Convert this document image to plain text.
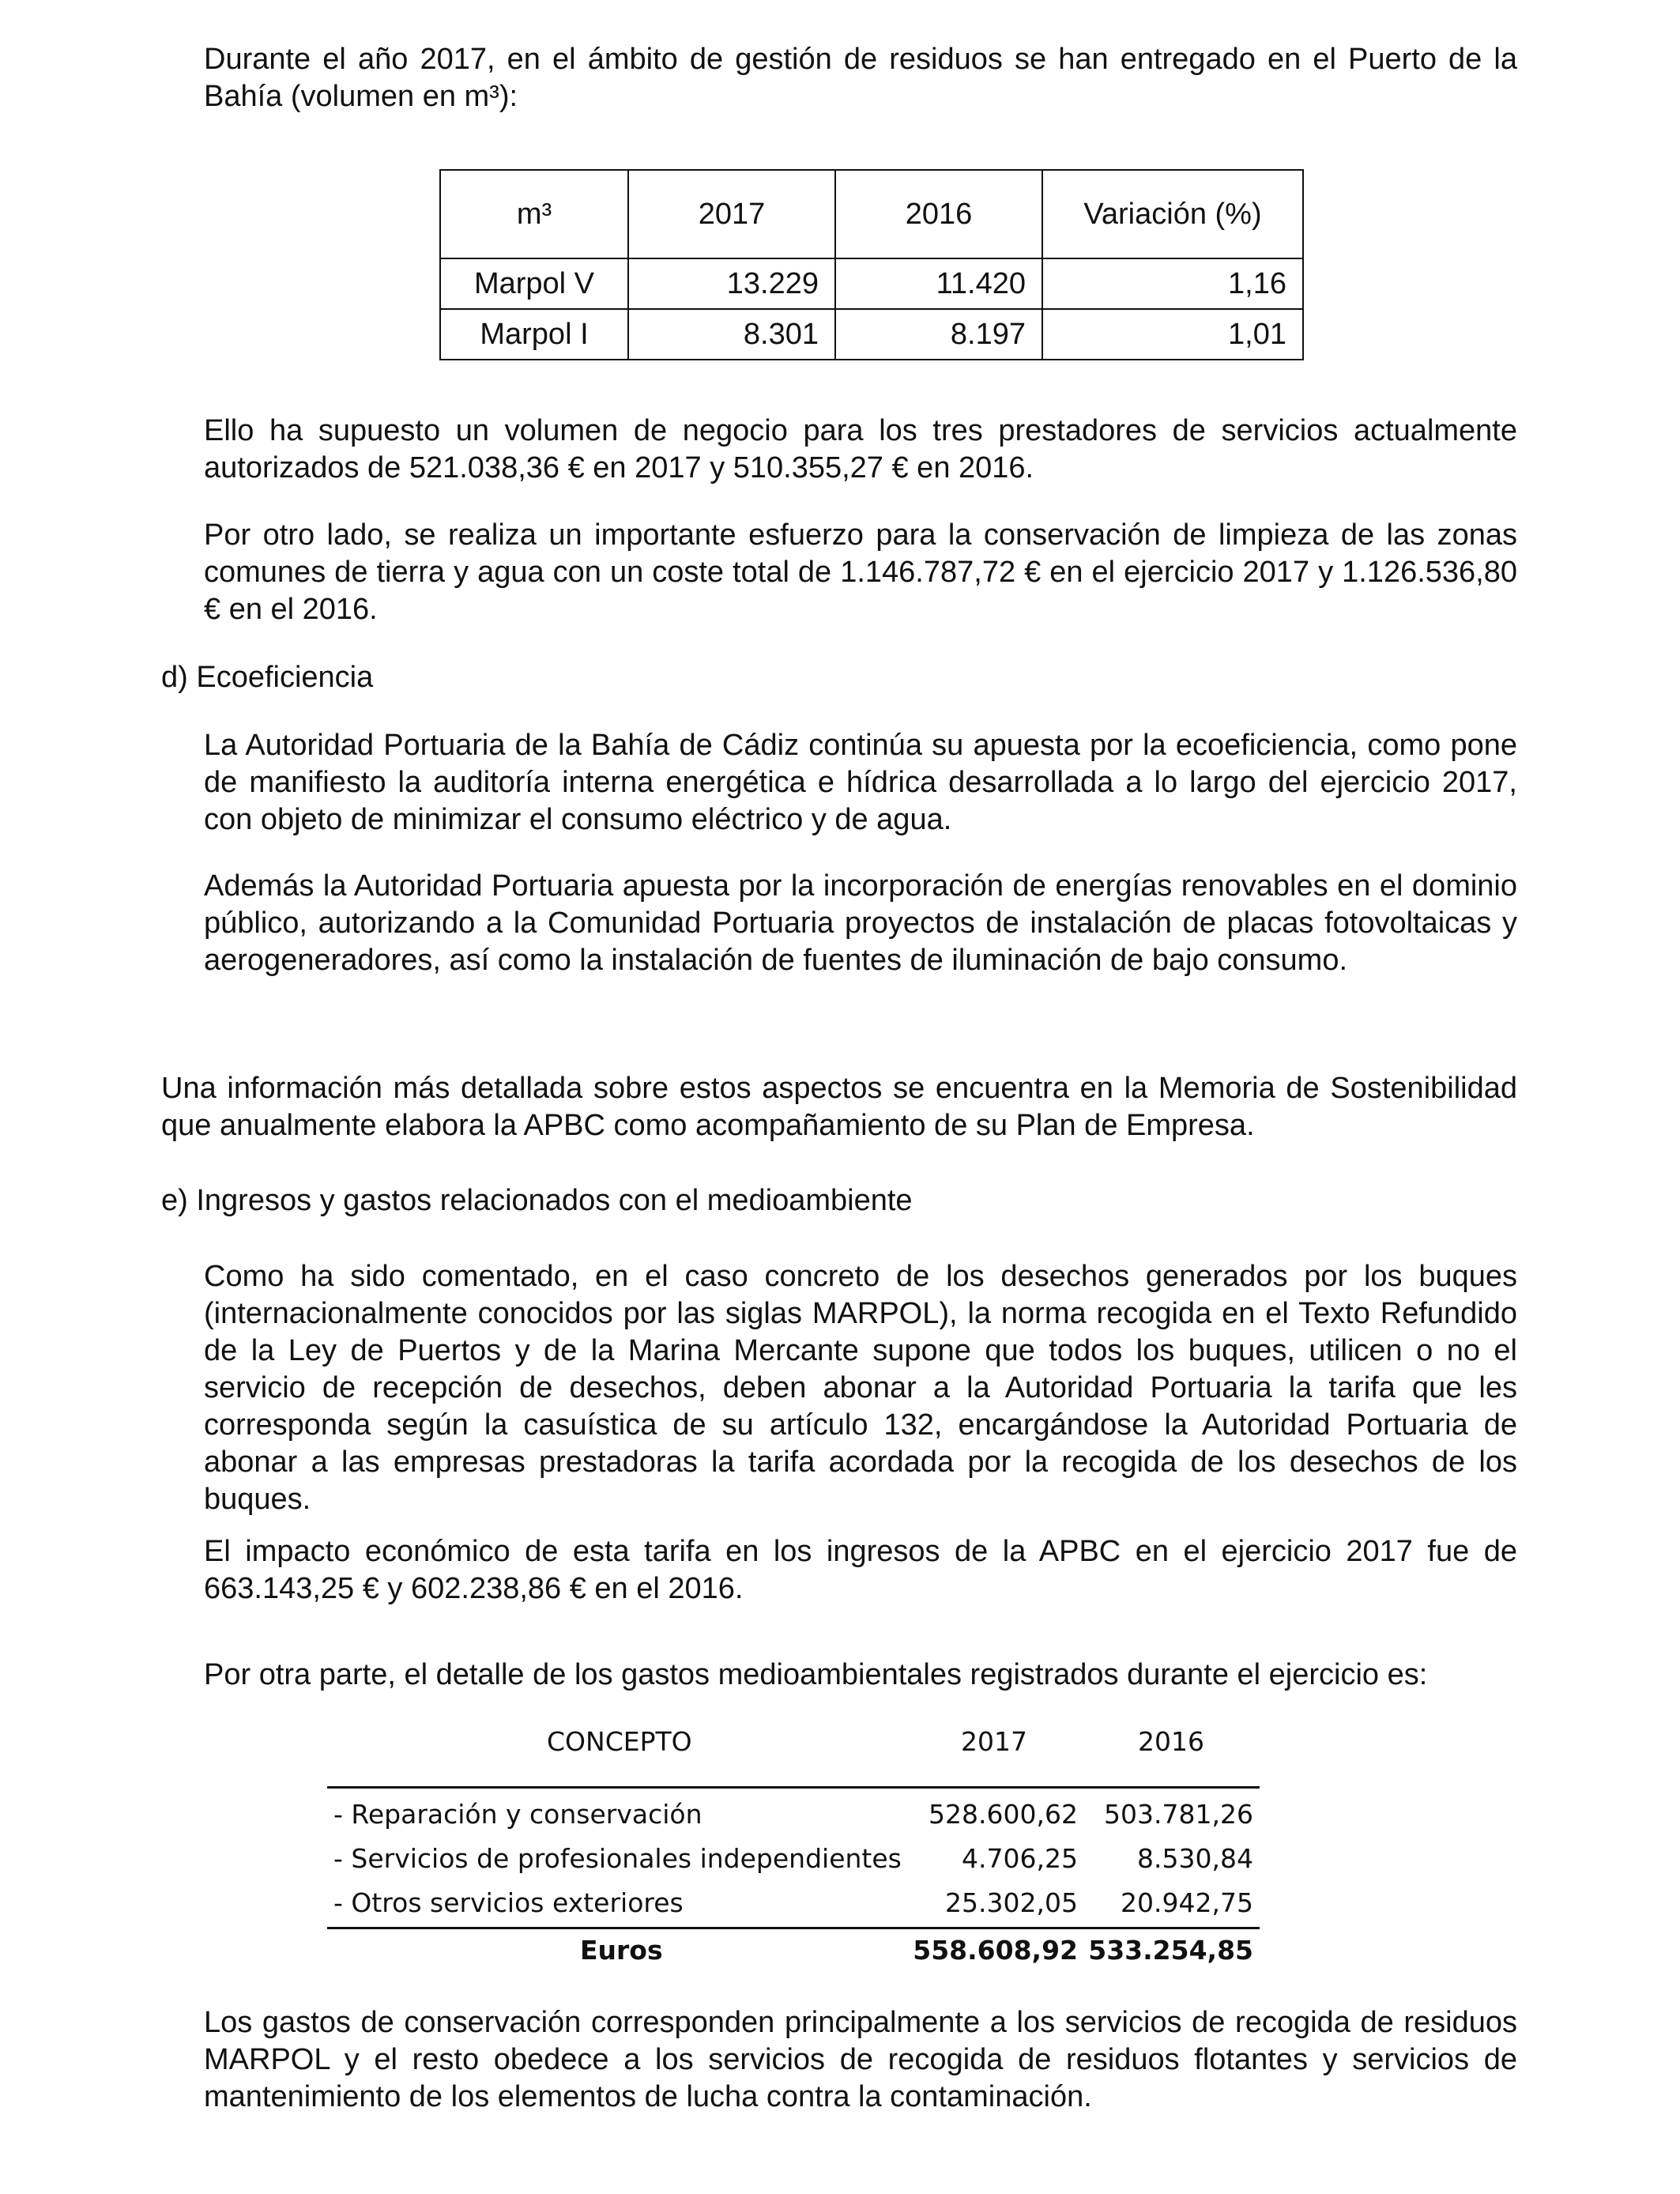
Durante el año 2017, en el ámbito de gestión de residuos se han entregado en el Puerto de la Bahía (volumen en m³):

m³	2017	2016	Variación (%)
Marpol V	13.229	11.420	1,16
Marpol I	8.301	8.197	1,01

Ello ha supuesto un volumen de negocio para los tres prestadores de servicios actualmente autorizados de 521.038,36 € en 2017 y 510.355,27 € en 2016.

Por otro lado, se realiza un importante esfuerzo para la conservación de limpieza de las zonas comunes de tierra y agua con un coste total de 1.146.787,72 € en el ejercicio 2017 y 1.126.536,80 € en el 2016.

d) Ecoeficiencia

La Autoridad Portuaria de la Bahía de Cádiz continúa su apuesta por la ecoeficiencia, como pone de manifiesto la auditoría interna energética e hídrica desarrollada a lo largo del ejercicio 2017, con objeto de minimizar el consumo eléctrico y de agua.

Además la Autoridad Portuaria apuesta por la incorporación de energías renovables en el dominio público, autorizando a la Comunidad Portuaria proyectos de instalación de placas fotovoltaicas y aerogeneradores, así como la instalación de fuentes de iluminación de bajo consumo.

Una información más detallada sobre estos aspectos se encuentra en la Memoria de Sostenibilidad que anualmente elabora la APBC como acompañamiento de su Plan de Empresa.

e) Ingresos y gastos relacionados con el medioambiente

Como ha sido comentado, en el caso concreto de los desechos generados por los buques (internacionalmente conocidos por las siglas MARPOL), la norma recogida en el Texto Refundido de la Ley de Puertos y de la Marina Mercante supone que todos los buques, utilicen o no el servicio de recepción de desechos, deben abonar a la Autoridad Portuaria la tarifa que les corresponda según la casuística de su artículo 132, encargándose la Autoridad Portuaria de abonar a las empresas prestadoras la tarifa acordada por la recogida de los desechos de los buques.

El impacto económico de esta tarifa en los ingresos de la APBC en el ejercicio 2017 fue de 663.143,25 € y 602.238,86 € en el 2016.

Por otra parte, el detalle de los gastos medioambientales registrados durante el ejercicio es:

CONCEPTO	2017	2016
- Reparación y conservación	528.600,62 503.781,26
- Servicios de profesionales independientes 4.706,25 8.530,84
- Otros servicios exteriores	25.302,05 20.942,75
Euros	558.608,92 533.254,85

Los gastos de conservación corresponden principalmente a los servicios de recogida de residuos MARPOL y el resto obedece a los servicios de recogida de residuos flotantes y servicios de mantenimiento de los elementos de lucha contra la contaminación.
